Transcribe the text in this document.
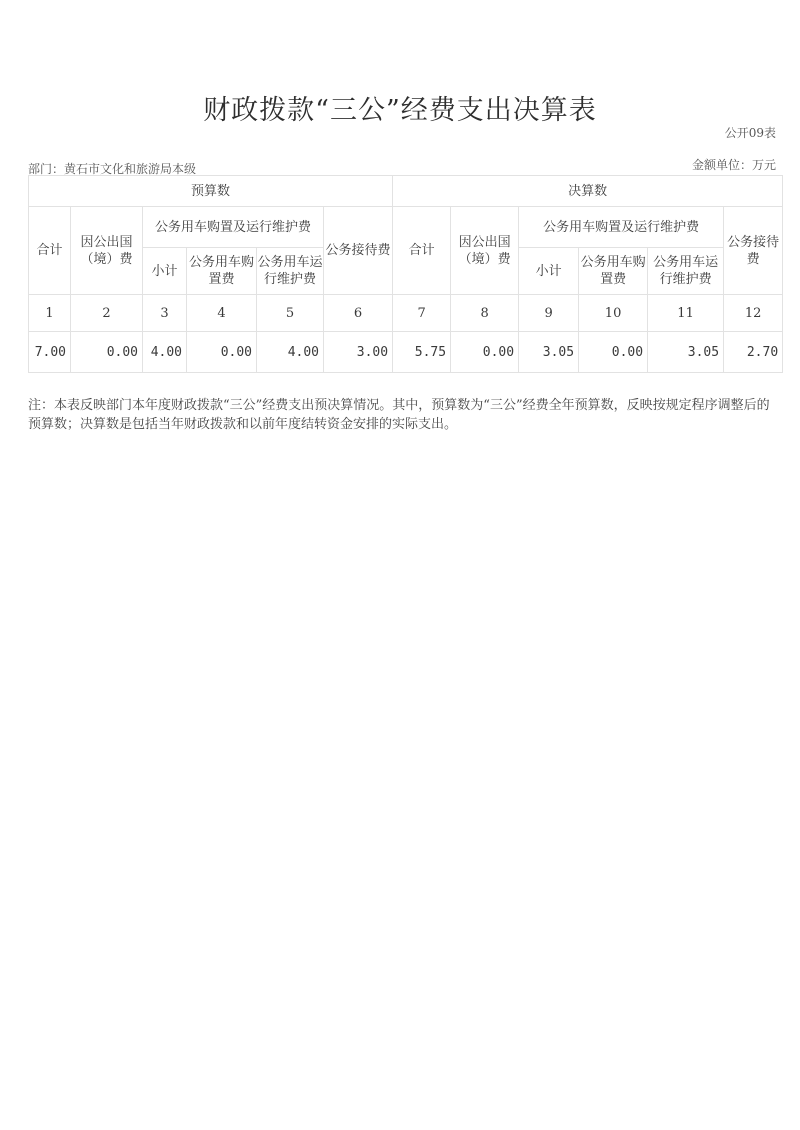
财政拨款“三公”经费支出决算表
公开09表
部门：黄石市文化和旅游局本级	金额单位：万元
预算数						决算数					
合计	因公出国（境）费	公务用车购置及运行维护费			公务接待费	合计	因公出国（境）费	公务用车购置及运行维护费			公务接待费
		小计	公务用车购置费	公务用车运行维护费				小计	公务用车购置费	公务用车运行维护费	
1	2	3	4	5	6	7	8	9	10	11	12
7.00	0.00	4.00	0.00	4.00	3.00	5.75	0.00	3.05	0.00	3.05	2.70
注：本表反映部门本年度财政拨款“三公”经费支出预决算情况。其中，预算数为“三公”经费全年预算数，反映按规定程序调整后的预算数；决算数是包括当年财政拨款和以前年度结转资金安排的实际支出。
